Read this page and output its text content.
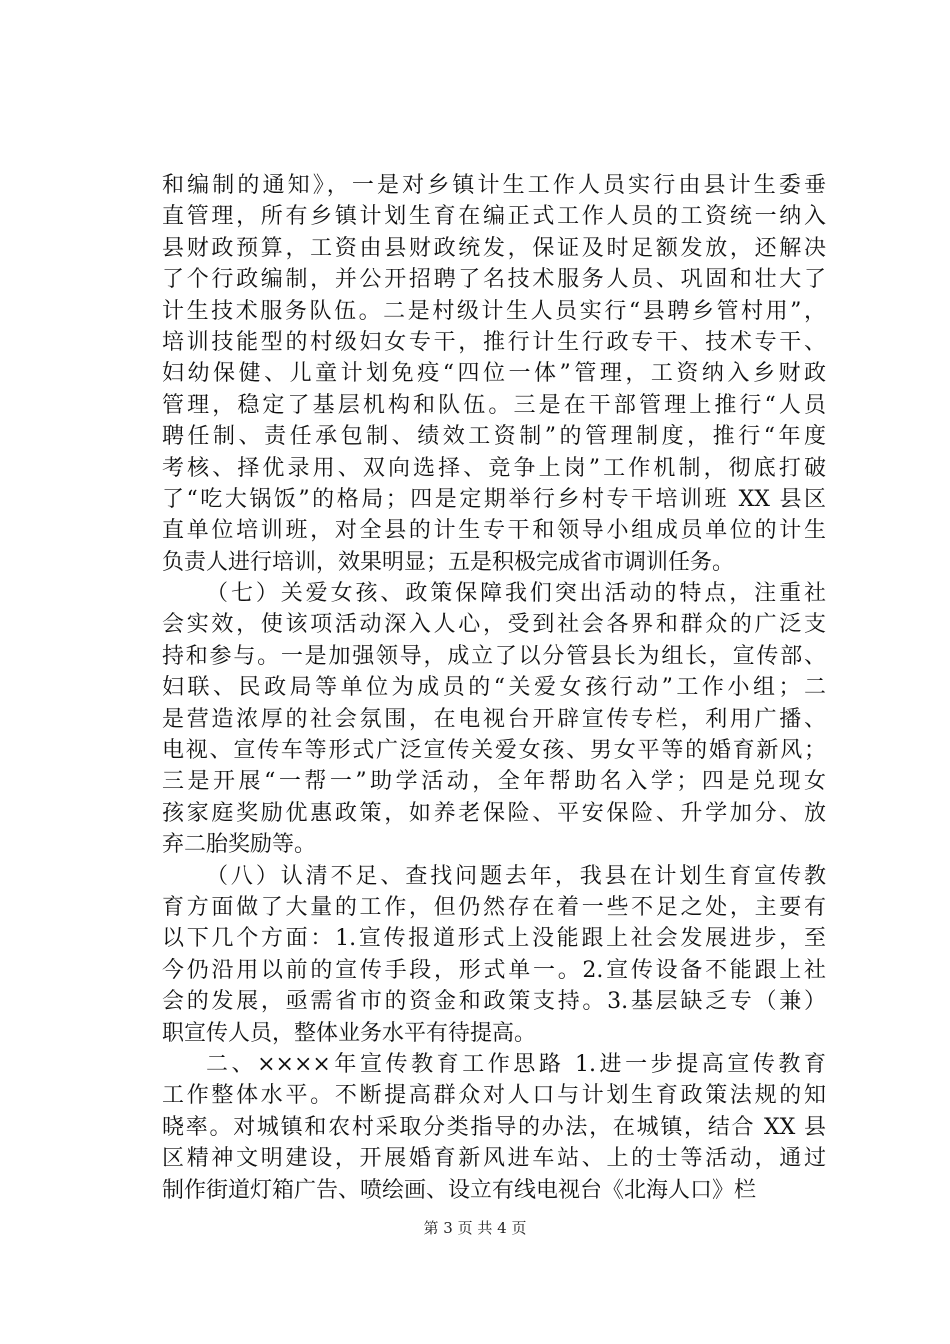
和编制的通知》，一是对乡镇计生工作人员实行由县计生委垂
直管理，所有乡镇计划生育在编正式工作人员的工资统一纳入
县财政预算，工资由县财政统发，保证及时足额发放，还解决
了个行政编制，并公开招聘了名技术服务人员、巩固和壮大了
计生技术服务队伍。二是村级计生人员实行“县聘乡管村用”，
培训技能型的村级妇女专干，推行计生行政专干、技术专干、
妇幼保健、儿童计划免疫“四位一体”管理，工资纳入乡财政
管理，稳定了基层机构和队伍。三是在干部管理上推行“人员
聘任制、责任承包制、绩效工资制”的管理制度，推行“年度
考核、择优录用、双向选择、竞争上岗”工作机制，彻底打破
了“吃大锅饭”的格局；四是定期举行乡村专干培训班 XX 县区
直单位培训班，对全县的计生专干和领导小组成员单位的计生
负责人进行培训，效果明显；五是积极完成省市调训任务。
（七）关爱女孩、政策保障我们突出活动的特点，注重社
会实效，使该项活动深入人心，受到社会各界和群众的广泛支
持和参与。一是加强领导，成立了以分管县长为组长，宣传部、
妇联、民政局等单位为成员的“关爱女孩行动”工作小组；二
是营造浓厚的社会氛围，在电视台开辟宣传专栏，利用广播、
电视、宣传车等形式广泛宣传关爱女孩、男女平等的婚育新风；
三是开展“一帮一”助学活动，全年帮助名入学；四是兑现女
孩家庭奖励优惠政策，如养老保险、平安保险、升学加分、放
弃二胎奖励等。
（八）认清不足、查找问题去年，我县在计划生育宣传教
育方面做了大量的工作，但仍然存在着一些不足之处，主要有
以下几个方面：1.宣传报道形式上没能跟上社会发展进步，至
今仍沿用以前的宣传手段，形式单一。2.宣传设备不能跟上社
会的发展，亟需省市的资金和政策支持。3.基层缺乏专（兼）
职宣传人员，整体业务水平有待提高。
二、××××年宣传教育工作思路 1.进一步提高宣传教育
工作整体水平。不断提高群众对人口与计划生育政策法规的知
晓率。对城镇和农村采取分类指导的办法，在城镇，结合 XX 县
区精神文明建设，开展婚育新风进车站、上的士等活动，通过
制作街道灯箱广告、喷绘画、设立有线电视台《北海人口》栏
第 3 页 共 4 页
